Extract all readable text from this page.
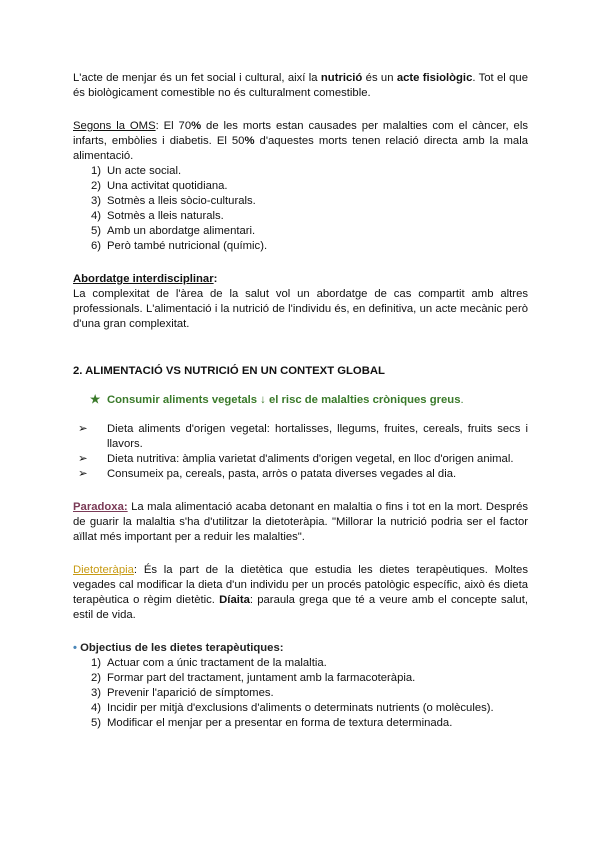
L'acte de menjar és un fet social i cultural, així la nutrició és un acte fisiològic. Tot el que és biològicament comestible no és culturalment comestible.

Segons la OMS: El 70% de les morts estan causades per malalties com el càncer, els infarts, embòlies i diabetis. El 50% d'aquestes morts tenen relació directa amb la mala alimentació.

1) Un acte social.
2) Una activitat quotidiana.
3) Sotmès a lleis sòcio-culturals.
4) Sotmès a lleis naturals.
5) Amb un abordatge alimentari.
6) Però també nutricional (químic).

Abordatge interdisciplinar:

La complexitat de l'àrea de la salut vol un abordatge de cas compartit amb altres professionals. L'alimentació i la nutrició de l'individu és, en definitiva, un acte mecànic però d'una gran complexitat.

2. ALIMENTACIÓ VS NUTRICIÓ EN UN CONTEXT GLOBAL

★ Consumir aliments vegetals ↓ el risc de malalties cròniques greus.

➢ Dieta aliments d'origen vegetal: hortalisses, llegums, fruites, cereals, fruits secs i llavors.
➢ Dieta nutritiva: àmplia varietat d'aliments d'origen vegetal, en lloc d'origen animal.
➢ Consumeix pa, cereals, pasta, arròs o patata diverses vegades al dia.

Paradoxa: La mala alimentació acaba detonant en malaltia o fins i tot en la mort. Després de guarir la malaltia s'ha d'utilitzar la dietoteràpia. "Millorar la nutrició podria ser el factor aïllat més important per a reduir les malalties".

Dietoteràpia: És la part de la dietètica que estudia les dietes terapèutiques. Moltes vegades cal modificar la dieta d'un individu per un procés patològic específic, això és dieta terapèutica o règim dietètic. Díaita: paraula grega que té a veure amb el concepte salut, estil de vida.

• Objectius de les dietes terapèutiques:

1) Actuar com a únic tractament de la malaltia.
2) Formar part del tractament, juntament amb la farmacoteràpia.
3) Prevenir l'aparició de símptomes.
4) Incidir per mitjà d'exclusions d'aliments o determinats nutrients (o molècules).
5) Modificar el menjar per a presentar en forma de textura determinada.
